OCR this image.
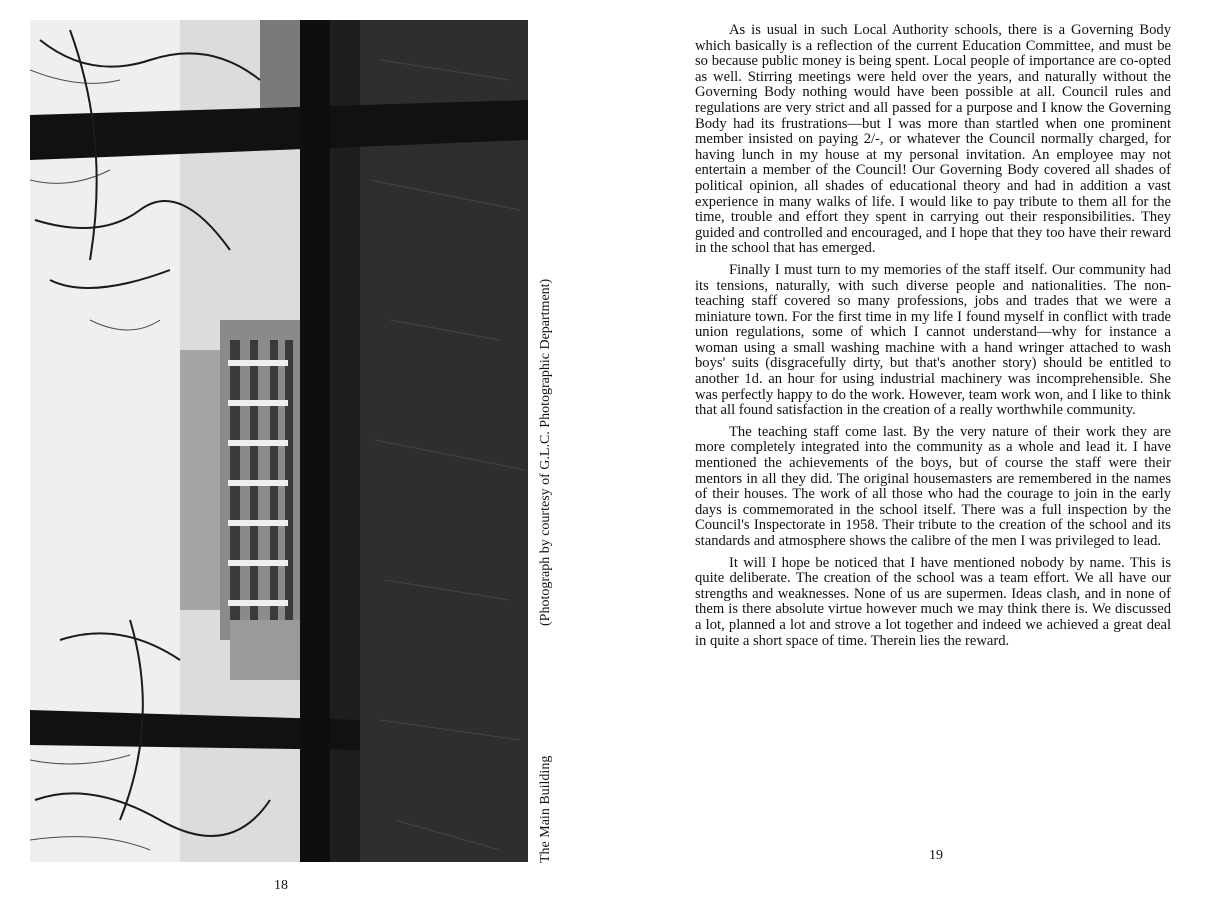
The Main Building
(Photograph by courtesy of G.L.C. Photographic Department)
18

As is usual in such Local Authority schools, there is a Governing Body which basically is a reflection of the current Education Committee, and must be so because public money is being spent. Local people of importance are co-opted as well. Stirring meetings were held over the years, and naturally without the Governing Body nothing would have been possible at all. Council rules and regulations are very strict and all passed for a purpose and I know the Governing Body had its frustrations—but I was more than startled when one prominent member insisted on paying 2/-, or whatever the Council normally charged, for having lunch in my house at my personal invitation. An employee may not entertain a member of the Council! Our Governing Body covered all shades of political opinion, all shades of educational theory and had in addition a vast experience in many walks of life. I would like to pay tribute to them all for the time, trouble and effort they spent in carrying out their responsibilities. They guided and controlled and encouraged, and I hope that they too have their reward in the school that has emerged.

Finally I must turn to my memories of the staff itself. Our community had its tensions, naturally, with such diverse people and nationalities. The non-teaching staff covered so many professions, jobs and trades that we were a miniature town. For the first time in my life I found myself in conflict with trade union regulations, some of which I cannot understand—why for instance a woman using a small washing machine with a hand wringer attached to wash boys' suits (disgracefully dirty, but that's another story) should be entitled to another 1d. an hour for using industrial machinery was incomprehensible. She was perfectly happy to do the work. However, team work won, and I like to think that all found satisfaction in the creation of a really worthwhile community.

The teaching staff come last. By the very nature of their work they are more completely integrated into the community as a whole and lead it. I have mentioned the achievements of the boys, but of course the staff were their mentors in all they did. The original housemasters are remembered in the names of their houses. The work of all those who had the courage to join in the early days is commemorated in the school itself. There was a full inspection by the Council's Inspectorate in 1958. Their tribute to the creation of the school and its standards and atmosphere shows the calibre of the men I was privileged to lead.

It will I hope be noticed that I have mentioned nobody by name. This is quite deliberate. The creation of the school was a team effort. We all have our strengths and weaknesses. None of us are supermen. Ideas clash, and in none of them is there absolute virtue however much we may think there is. We discussed a lot, planned a lot and strove a lot together and indeed we achieved a great deal in quite a short space of time. Therein lies the reward.

19
